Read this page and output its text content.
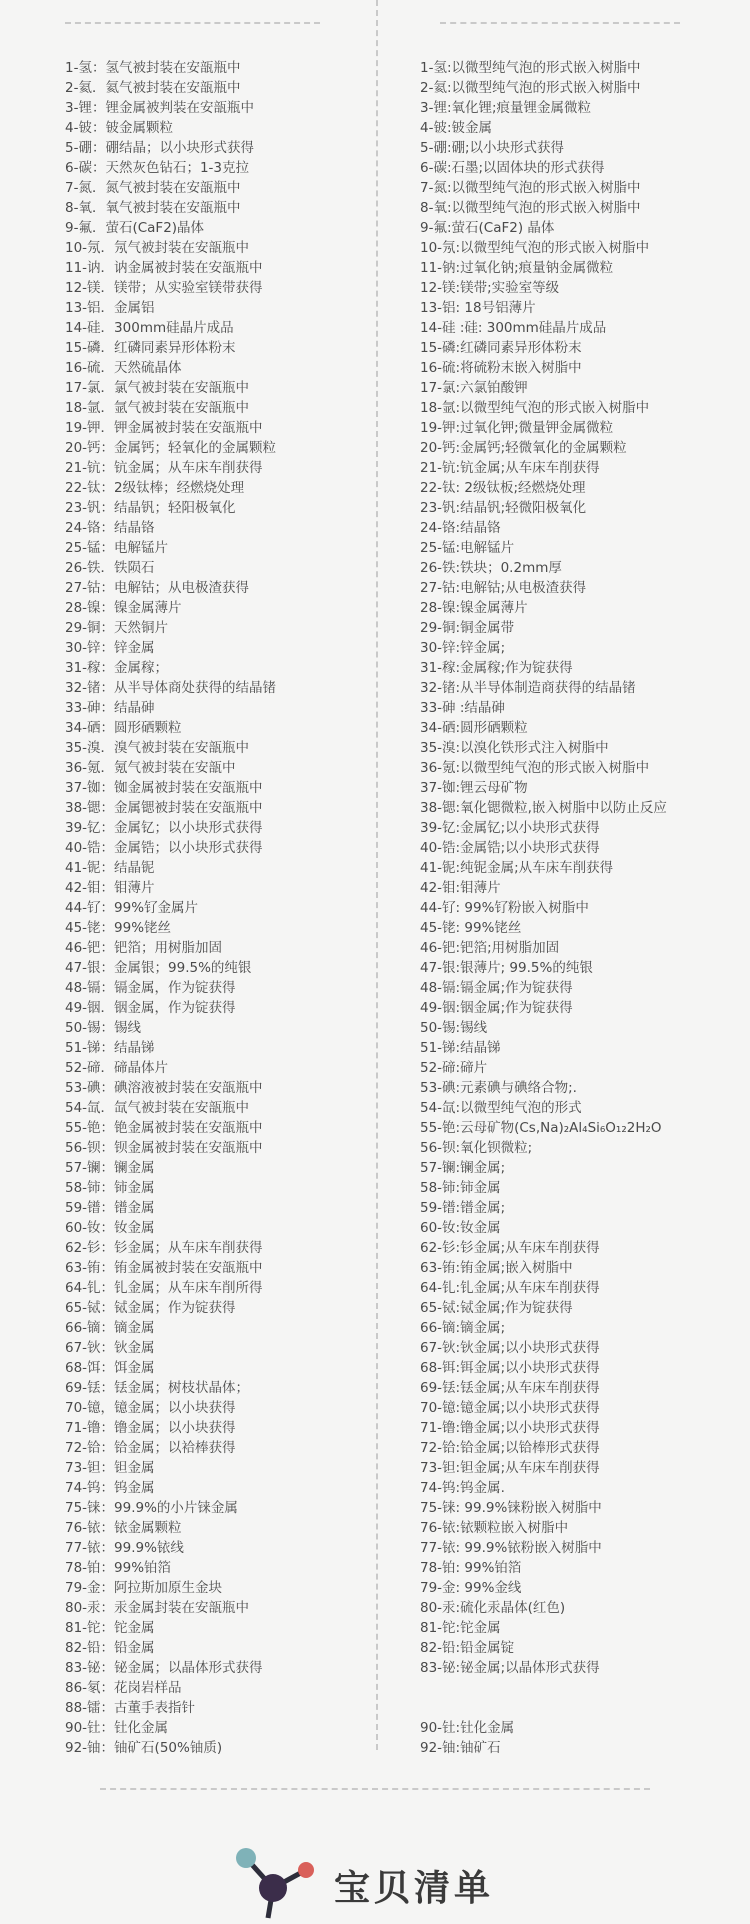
1-氢：氢气被封装在安瓿瓶中
2-氦．氦气被封装在安瓿瓶中
3-锂：锂金属被判装在安瓿瓶中
4-铍：铍金属颗粒
5-硼：硼结晶；以小块形式获得
6-碳：天然灰色钻石；1-3克拉
7-氮．氮气被封装在安瓿瓶中
8-氧．氧气被封装在安瓿瓶中
9-氟．萤石(CaF2)晶体
10-氖．氖气被封装在安瓿瓶中
11-讷．讷金属被封装在安瓿瓶中
12-镁．镁带；从实验室镁带获得
13-铝．金属铝
14-硅．300mm硅晶片成品
15-磷．红磷同素异形体粉末
16-硫．天然硫晶体
17-氯．氯气被封装在安瓿瓶中
18-氩．氩气被封装在安瓿瓶中
19-钾．钾金属被封装在安瓿瓶中
20-钙：金属钙；轻氧化的金属颗粒
21-钪：钪金属；从车床车削获得
22-钛：2级钛棒；经燃烧处理
23-钒：结晶钒；轻阳极氧化
24-铬：结晶铬
25-锰：电解锰片
26-铁．铁陨石
27-钴：电解钴；从电极渣获得
28-镍：镍金属薄片
29-铜：天然铜片
30-锌：锌金属
31-稼：金属稼；
32-锗：从半导体商处获得的结晶锗
33-砷：结晶砷
34-硒：圆形硒颗粒
35-溴．溴气被封装在安瓿瓶中
36-氪．氪气被封装在安瓿中
37-铷：铷金属被封装在安瓿瓶中
38-锶：金属锶被封装在安瓿瓶中
39-钇：金属钇；以小块形式获得
40-锆：金属锆；以小块形式获得
41-铌：结晶铌
42-钼：钼薄片
44-钌：99%钌金属片
45-铑：99%铑丝
46-钯：钯箔；用树脂加固
47-银：金属银；99.5%的纯银
48-镉：镉金属，作为锭获得
49-铟．铟金属，作为锭获得
50-锡：锡线
51-锑：结晶锑
52-碲．碲晶体片
53-碘：碘溶液被封装在安瓿瓶中
54-氙．氙气被封装在安瓿瓶中
55-铯：铯金属被封装在安瓿瓶中
56-钡：钡金属被封装在安瓿瓶中
57-镧：镧金属
58-铈：铈金属
59-镨：镨金属
60-钕：钕金属
62-钐：钐金属；从车床车削获得
63-铕：铕金属被封装在安瓿瓶中
64-钆：钆金属；从车床车削所得
65-铽：铽金属；作为锭获得
66-镝：镝金属
67-钬：钬金属
68-饵：饵金属
69-铥：铥金属；树枝状晶体；
70-镱，镱金属；以小块获得
71-镥：镥金属；以小块获得
72-铪：铪金属；以袷棒获得
73-钽：钽金属
74-钨：钨金属
75-铼：99.9%的小片铼金属
76-铱：铱金属颗粒
77-铱：99.9%铱线
78-铂：99%铂箔
79-金：阿拉斯加原生金块
80-汞：汞金属封装在安瓿瓶中
81-铊：铊金属
82-铅：铅金属
83-铋：铋金属；以晶体形式获得
86-氡：花岗岩样品
88-镭：古董手表指针
90-钍：钍化金属
92-铀：铀矿石(50%铀质)
1-氢:以微型纯气泡的形式嵌入树脂中
2-氦:以微型纯气泡的形式嵌入树脂中
3-锂:氧化锂;痕量锂金属微粒
4-铍:铍金属
5-硼:硼;以小块形式获得
6-碳:石墨;以固体块的形式获得
7-氮:以微型纯气泡的形式嵌入树脂中
8-氧:以微型纯气泡的形式嵌入树脂中
9-氟:萤石(CaF2) 晶体
10-氖:以微型纯气泡的形式嵌入树脂中
11-钠:过氧化钠;痕量钠金属微粒
12-镁:镁带;实验室等级
13-铝: 18号铝薄片
14-硅 :硅: 300mm硅晶片成品
15-磷:红磷同素异形体粉末
16-硫:将硫粉末嵌入树脂中
17-氯:六氯铂酸钾
18-氩:以微型纯气泡的形式嵌入树脂中
19-钾:过氧化钾;微量钾金属微粒
20-钙:金属钙;轻微氧化的金属颗粒
21-钪:钪金属;从车床车削获得
22-钛: 2级钛板;经燃烧处理
23-钒:结晶钒;轻微阳极氧化
24-铬:结晶铬
25-锰:电解锰片
26-铁:铁块；0.2mm厚
27-钴:电解钴;从电极渣获得
28-镍:镍金属薄片
29-铜:铜金属带
30-锌:锌金属;
31-稼:金属稼;作为锭获得
32-锗:从半导体制造商获得的结晶锗
33-砷 :结晶砷
34-硒:圆形硒颗粒
35-溴:以溴化铁形式注入树脂中
36-氪:以微型纯气泡的形式嵌入树脂中
37-铷:锂云母矿物
38-锶:氧化锶微粒,嵌入树脂中以防止反应
39-钇:金属钇;以小块形式获得
40-锆:金属锆;以小块形式获得
41-铌:纯铌金属;从车床车削获得
42-钼:钼薄片
44-钌: 99%钌粉嵌入树脂中
45-铑: 99%铑丝
46-钯:钯箔;用树脂加固
47-银:银薄片; 99.5%的纯银
48-镉:镉金属;作为锭获得
49-铟:铟金属;作为锭获得
50-锡:锡线
51-锑:结晶锑
52-碲:碲片
53-碘:元素碘与碘络合物;.
54-氙:以微型纯气泡的形式
55-铯:云母矿物(Cs,Na)₂Al₄Si₆O₁₂2H₂O
56-钡:氧化钡微粒;
57-镧:镧金属;
58-铈:铈金属
59-镨:镨金属;
60-钕:钕金属
62-钐:钐金属;从车床车削获得
63-铕:铕金属;嵌入树脂中
64-钆:钆金属;从车床车削获得
65-铽:铽金属;作为锭获得
66-镝:镝金属;
67-钬:钬金属;以小块形式获得
68-铒:铒金属;以小块形式获得
69-铥:铥金属;从车床车削获得
70-镱:镱金属;以小块形式获得
71-镥:镥金属;以小块形式获得
72-铪:铪金属;以铪棒形式获得
73-钽:钽金属;从车床车削获得
74-钨:钨金属.
75-铼: 99.9%铼粉嵌入树脂中
76-铱:铱颗粒嵌入树脂中
77-铱: 99.9%铱粉嵌入树脂中
78-铂: 99%铂箔
79-金: 99%金线
80-汞:硫化汞晶体(红色)
81-铊:铊金属
82-铅:铅金属锭
83-铋:铋金属;以晶体形式获得
90-钍:钍化金属
92-铀:铀矿石
宝贝清单
